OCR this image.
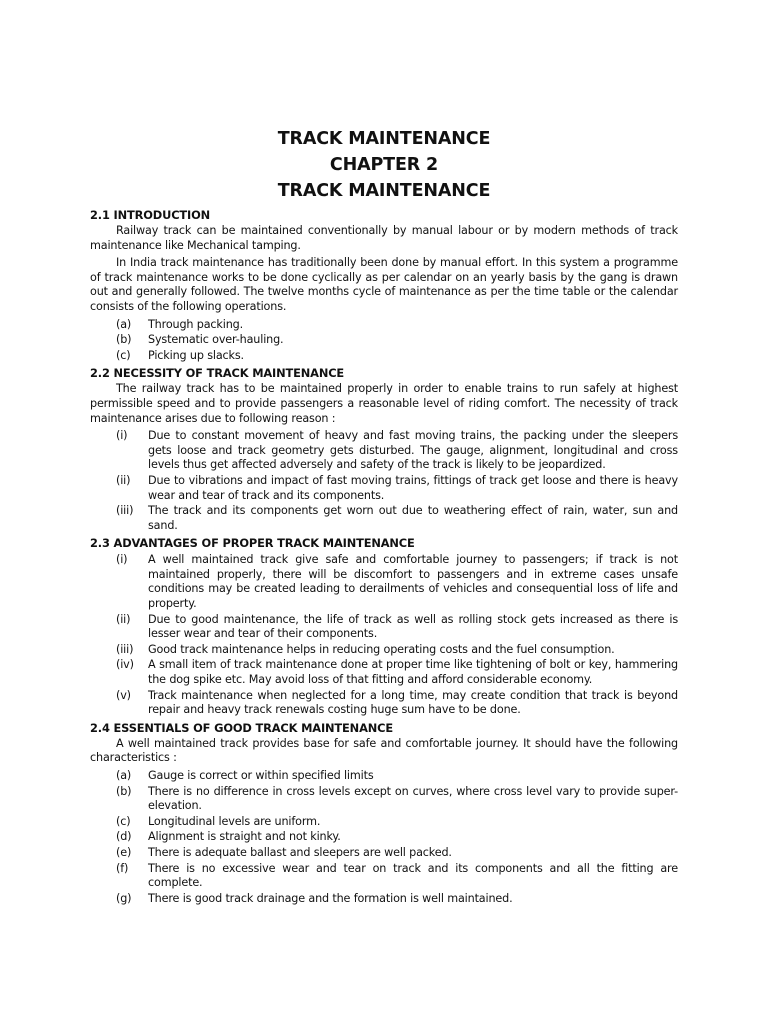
TRACK MAINTENANCE
CHAPTER 2
TRACK MAINTENANCE
2.1 INTRODUCTION

Railway track can be maintained conventionally by manual labour or by modern methods of track maintenance like Mechanical tamping.

In India track maintenance has traditionally been done by manual effort. In this system a programme of track maintenance works to be done cyclically as per calendar on an yearly basis by the gang is drawn out and generally followed. The twelve months cycle of maintenance as per the time table or the calendar consists of the following operations.

(a) Through packing.
(b) Systematic over-hauling.
(c) Picking up slacks.
2.2 NECESSITY OF TRACK MAINTENANCE

The railway track has to be maintained properly in order to enable trains to run safely at highest permissible speed and to provide passengers a reasonable level of riding comfort. The necessity of track maintenance arises due to following reason :

(i) Due to constant movement of heavy and fast moving trains, the packing under the sleepers gets loose and track geometry gets disturbed. The gauge, alignment, longitudinal and cross levels thus get affected adversely and safety of the track is likely to be jeopardized.
(ii) Due to vibrations and impact of fast moving trains, fittings of track get loose and there is heavy wear and tear of track and its components.
(iii) The track and its components get worn out due to weathering effect of rain, water, sun and sand.
2.3 ADVANTAGES OF PROPER TRACK MAINTENANCE
(i) A well maintained track give safe and comfortable journey to passengers; if track is not maintained properly, there will be discomfort to passengers and in extreme cases unsafe conditions may be created leading to derailments of vehicles and consequential loss of life and property.
(ii) Due to good maintenance, the life of track as well as rolling stock gets increased as there is lesser wear and tear of their components.
(iii) Good track maintenance helps in reducing operating costs and the fuel consumption.
(iv) A small item of track maintenance done at proper time like tightening of bolt or key, hammering the dog spike etc. May avoid loss of that fitting and afford considerable economy.
(v) Track maintenance when neglected for a long time, may create condition that track is beyond repair and heavy track renewals costing huge sum have to be done.
2.4 ESSENTIALS OF GOOD TRACK MAINTENANCE

A well maintained track provides base for safe and comfortable journey. It should have the following characteristics :

(a) Gauge is correct or within specified limits
(b) There is no difference in cross levels except on curves, where cross level vary to provide super-elevation.
(c) Longitudinal levels are uniform.
(d) Alignment is straight and not kinky.
(e) There is adequate ballast and sleepers are well packed.
(f) There is no excessive wear and tear on track and its components and all the fitting are complete.
(g) There is good track drainage and the formation is well maintained.
